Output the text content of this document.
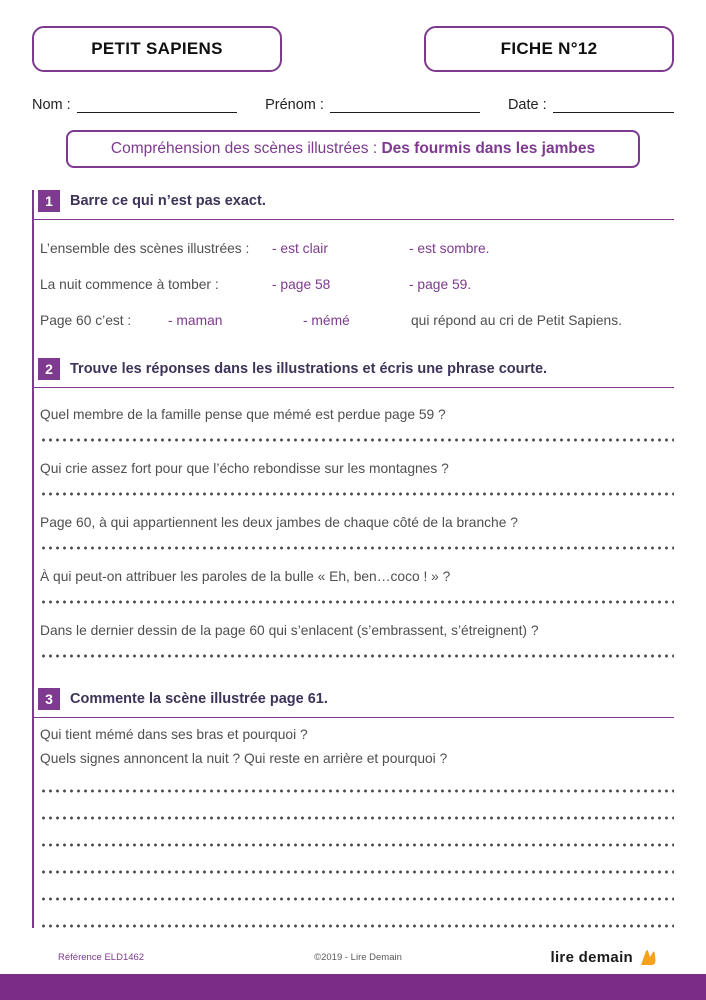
PETIT SAPIENS	FICHE N°12
Nom :	Prénom :	Date :
Compréhension des scènes illustrées : Des fourmis dans les jambes
1	Barre ce qui n’est pas exact.
L’ensemble des scènes illustrées :	- est clair	- est sombre.
La nuit commence à tomber :	- page 58	- page 59.
Page 60 c’est :	- maman	- mémé	qui répond au cri de Petit Sapiens.
2	Trouve les réponses dans les illustrations et écris une phrase courte.
Quel membre de la famille pense que mémé est perdue page 59 ?
Qui crie assez fort pour que l’écho rebondisse sur les montagnes ?
Page 60, à qui appartiennent les deux jambes de chaque côté de la branche ?
À qui peut-on attribuer les paroles de la bulle « Eh, ben…coco ! » ?
Dans le dernier dessin de la page 60 qui s’enlacent (s’embrassent, s’étreignent) ?
3	Commente la scène illustrée page 61.
Qui tient mémé dans ses bras et pourquoi ?
Quels signes annoncent la nuit ? Qui reste en arrière et pourquoi ?
Référence ELD1462	©2019 - Lire Demain	lire demain
